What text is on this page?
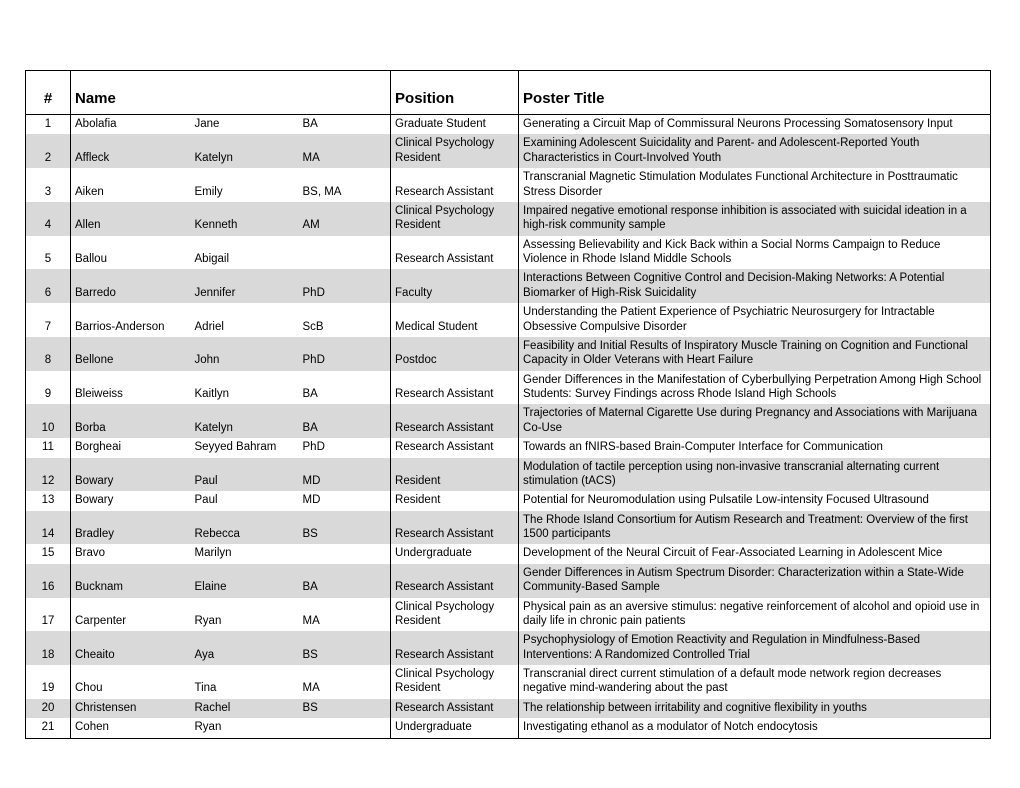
#	Name			Position	Poster Title
1	Abolafia	Jane	BA	Graduate Student	Generating a Circuit Map of Commissural Neurons Processing Somatosensory Input
2	Affleck	Katelyn	MA	Clinical Psychology Resident	Examining Adolescent Suicidality and Parent- and Adolescent-Reported Youth Characteristics in Court-Involved Youth
3	Aiken	Emily	BS, MA	Research Assistant	Transcranial Magnetic Stimulation Modulates Functional Architecture in Posttraumatic Stress Disorder
4	Allen	Kenneth	AM	Clinical Psychology Resident	Impaired negative emotional response inhibition is associated with suicidal ideation in a high-risk community sample
5	Ballou	Abigail		Research Assistant	Assessing Believability and Kick Back within a Social Norms Campaign to Reduce Violence in Rhode Island Middle Schools
6	Barredo	Jennifer	PhD	Faculty	Interactions Between Cognitive Control and Decision-Making Networks: A Potential Biomarker of High-Risk Suicidality
7	Barrios-Anderson	Adriel	ScB	Medical Student	Understanding the Patient Experience of Psychiatric Neurosurgery for Intractable Obsessive Compulsive Disorder
8	Bellone	John	PhD	Postdoc	Feasibility and Initial Results of Inspiratory Muscle Training on Cognition and Functional Capacity in Older Veterans with Heart Failure
9	Bleiweiss	Kaitlyn	BA	Research Assistant	Gender Differences in the Manifestation of Cyberbullying Perpetration Among High School Students: Survey Findings across Rhode Island High Schools
10	Borba	Katelyn	BA	Research Assistant	Trajectories of Maternal Cigarette Use during Pregnancy and Associations with Marijuana Co-Use
11	Borgheai	Seyyed Bahram	PhD	Research Assistant	Towards an fNIRS-based Brain-Computer Interface for Communication
12	Bowary	Paul	MD	Resident	Modulation of tactile perception using non-invasive transcranial alternating current stimulation (tACS)
13	Bowary	Paul	MD	Resident	Potential for Neuromodulation using Pulsatile Low-intensity Focused Ultrasound
14	Bradley	Rebecca	BS	Research Assistant	The Rhode Island Consortium for Autism Research and Treatment: Overview of the first 1500 participants
15	Bravo	Marilyn		Undergraduate	Development of the Neural Circuit of Fear-Associated Learning in Adolescent Mice
16	Bucknam	Elaine	BA	Research Assistant	Gender Differences in Autism Spectrum Disorder: Characterization within a State-Wide Community-Based Sample
17	Carpenter	Ryan	MA	Clinical Psychology Resident	Physical pain as an aversive stimulus: negative reinforcement of alcohol and opioid use in daily life in chronic pain patients
18	Cheaito	Aya	BS	Research Assistant	Psychophysiology of Emotion Reactivity and Regulation in Mindfulness-Based Interventions: A Randomized Controlled Trial
19	Chou	Tina	MA	Clinical Psychology Resident	Transcranial direct current stimulation of a default mode network region decreases negative mind-wandering about the past
20	Christensen	Rachel	BS	Research Assistant	The relationship between irritability and cognitive flexibility in youths
21	Cohen	Ryan		Undergraduate	Investigating ethanol as a modulator of Notch endocytosis
